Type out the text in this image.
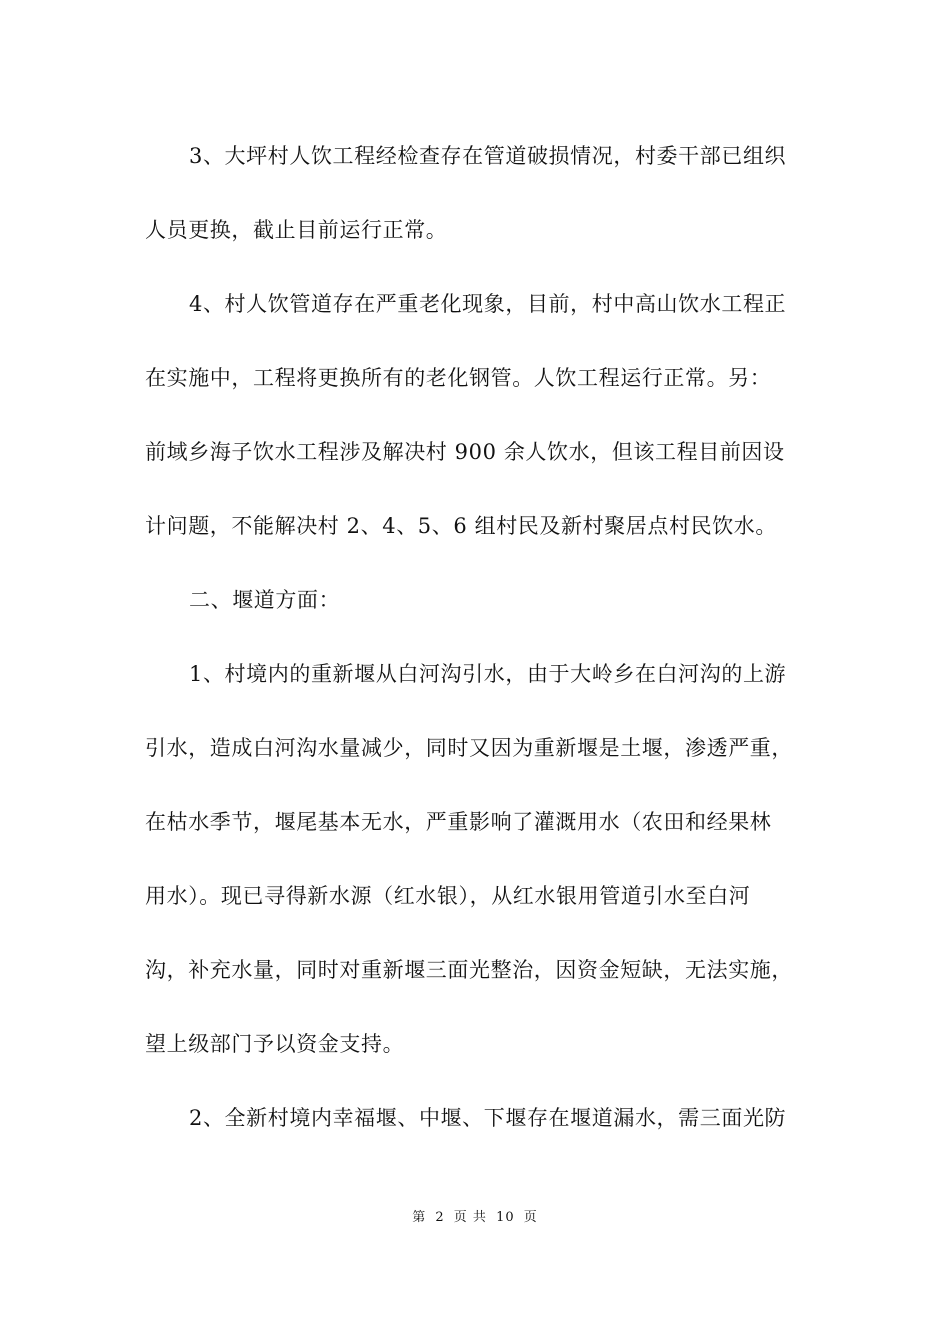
3、大坪村人饮工程经检查存在管道破损情况，村委干部已组织
人员更换，截止目前运行正常。
4、村人饮管道存在严重老化现象，目前，村中高山饮水工程正
在实施中，工程将更换所有的老化钢管。人饮工程运行正常。另：
前域乡海子饮水工程涉及解决村 900 余人饮水，但该工程目前因设
计问题，不能解决村 2、4、5、6 组村民及新村聚居点村民饮水。
二、堰道方面：
1、村境内的重新堰从白河沟引水，由于大岭乡在白河沟的上游
引水，造成白河沟水量减少，同时又因为重新堰是土堰，渗透严重，
在枯水季节，堰尾基本无水，严重影响了灌溉用水（农田和经果林
用水）。现已寻得新水源（红水银），从红水银用管道引水至白河
沟，补充水量，同时对重新堰三面光整治，因资金短缺，无法实施，
望上级部门予以资金支持。
2、全新村境内幸福堰、中堰、下堰存在堰道漏水，需三面光防
第 2 页 共 10 页
